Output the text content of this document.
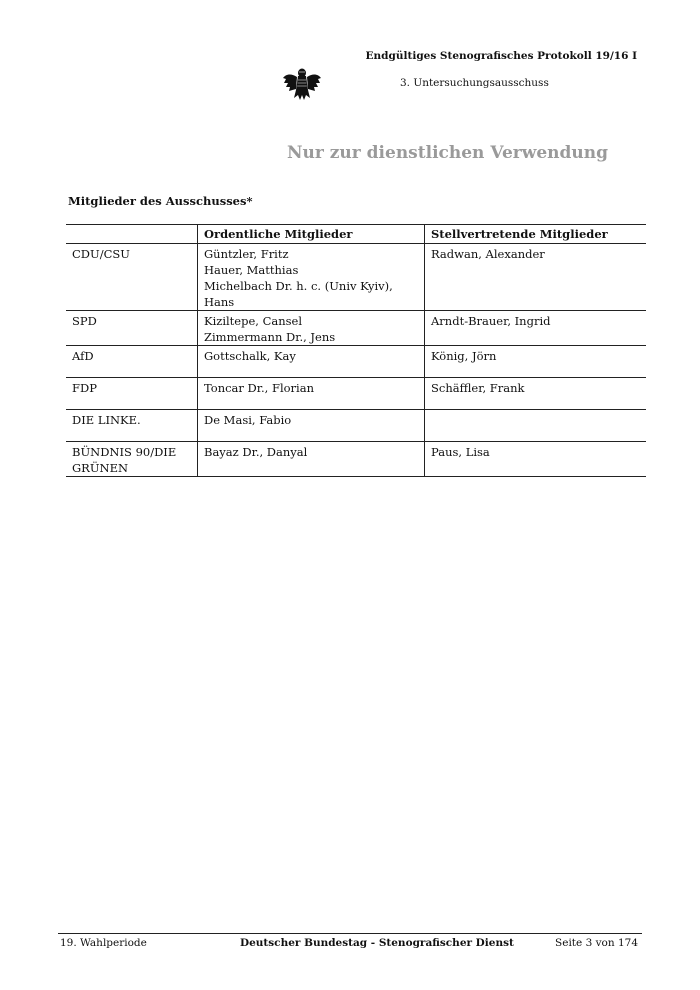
Endgültiges Stenografisches Protokoll 19/16 I
3. Untersuchungsausschuss
Nur zur dienstlichen Verwendung
Mitglieder des Ausschusses*
	Ordentliche Mitglieder	Stellvertretende Mitglieder
CDU/CSU	Güntzler, Fritz
Hauer, Matthias
Michelbach Dr. h. c. (Univ Kyiv), Hans	Radwan, Alexander

SPD	Kiziltepe, Cansel
Zimmermann Dr., Jens	Arndt-Brauer, Ingrid

AfD	Gottschalk, Kay	König, Jörn

FDP	Toncar Dr., Florian	Schäffler, Frank

DIE LINKE.	De Masi, Fabio	

BÜNDNIS 90/DIE GRÜNEN	Bayaz Dr., Danyal	Paus, Lisa
19. Wahlperiode	Deutscher Bundestag - Stenografischer Dienst	Seite 3 von 174
